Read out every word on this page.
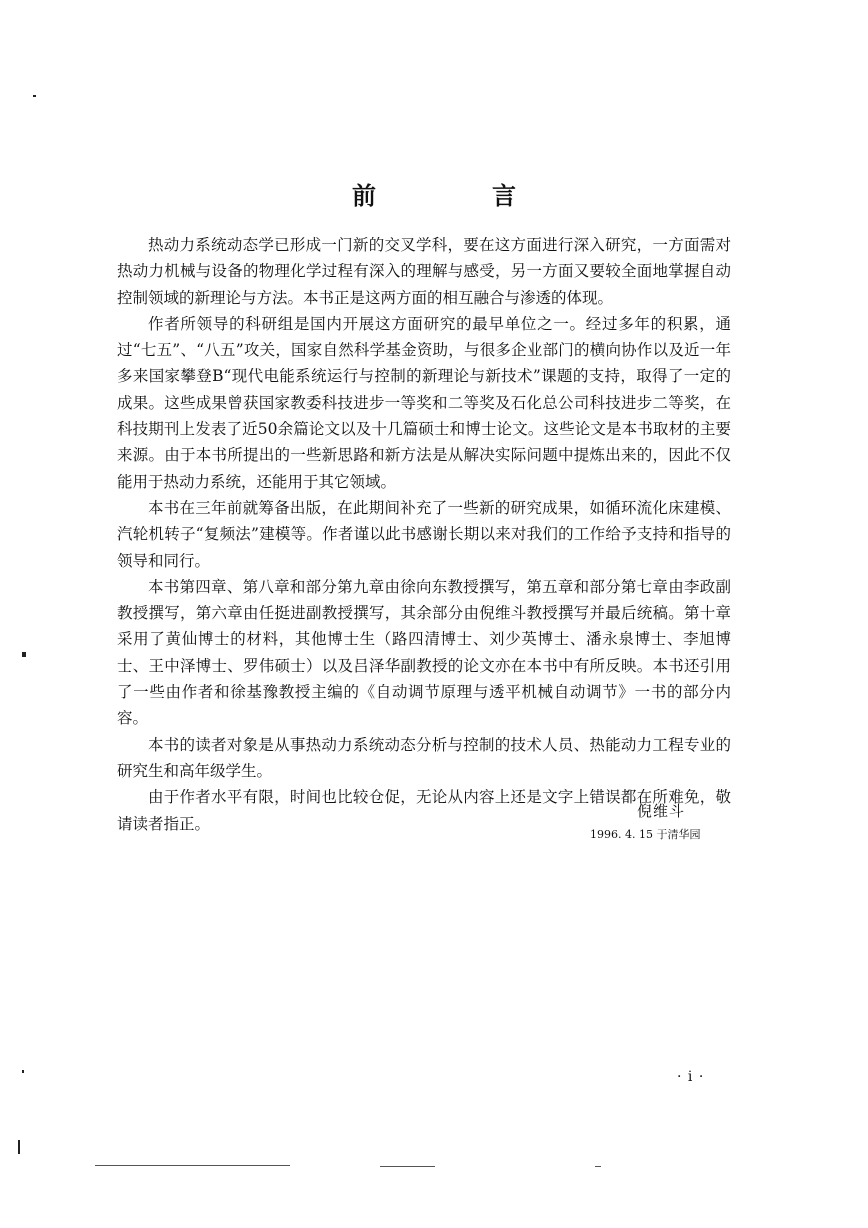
前　言

热动力系统动态学已形成一门新的交叉学科，要在这方面进行深入研究，一方面需对热动力机械与设备的物理化学过程有深入的理解与感受，另一方面又要较全面地掌握自动控制领域的新理论与方法。本书正是这两方面的相互融合与渗透的体现。

作者所领导的科研组是国内开展这方面研究的最早单位之一。经过多年的积累，通过“七五”、“八五”攻关，国家自然科学基金资助，与很多企业部门的横向协作以及近一年多来国家攀登B“现代电能系统运行与控制的新理论与新技术”课题的支持，取得了一定的成果。这些成果曾获国家教委科技进步一等奖和二等奖及石化总公司科技进步二等奖，在科技期刊上发表了近50余篇论文以及十几篇硕士和博士论文。这些论文是本书取材的主要来源。由于本书所提出的一些新思路和新方法是从解决实际问题中提炼出来的，因此不仅能用于热动力系统，还能用于其它领域。

本书在三年前就筹备出版，在此期间补充了一些新的研究成果，如循环流化床建模、汽轮机转子“复频法”建模等。作者谨以此书感谢长期以来对我们的工作给予支持和指导的领导和同行。

本书第四章、第八章和部分第九章由徐向东教授撰写，第五章和部分第七章由李政副教授撰写，第六章由任挺进副教授撰写，其余部分由倪维斗教授撰写并最后统稿。第十章采用了黄仙博士的材料，其他博士生（路四清博士、刘少英博士、潘永泉博士、李旭博士、王中泽博士、罗伟硕士）以及吕泽华副教授的论文亦在本书中有所反映。本书还引用了一些由作者和徐基豫教授主编的《自动调节原理与透平机械自动调节》一书的部分内容。

本书的读者对象是从事热动力系统动态分析与控制的技术人员、热能动力工程专业的研究生和高年级学生。

由于作者水平有限，时间也比较仓促，无论从内容上还是文字上错误都在所难免，敬请读者指正。

倪维斗
1996. 4. 15 于清华园
· i ·
